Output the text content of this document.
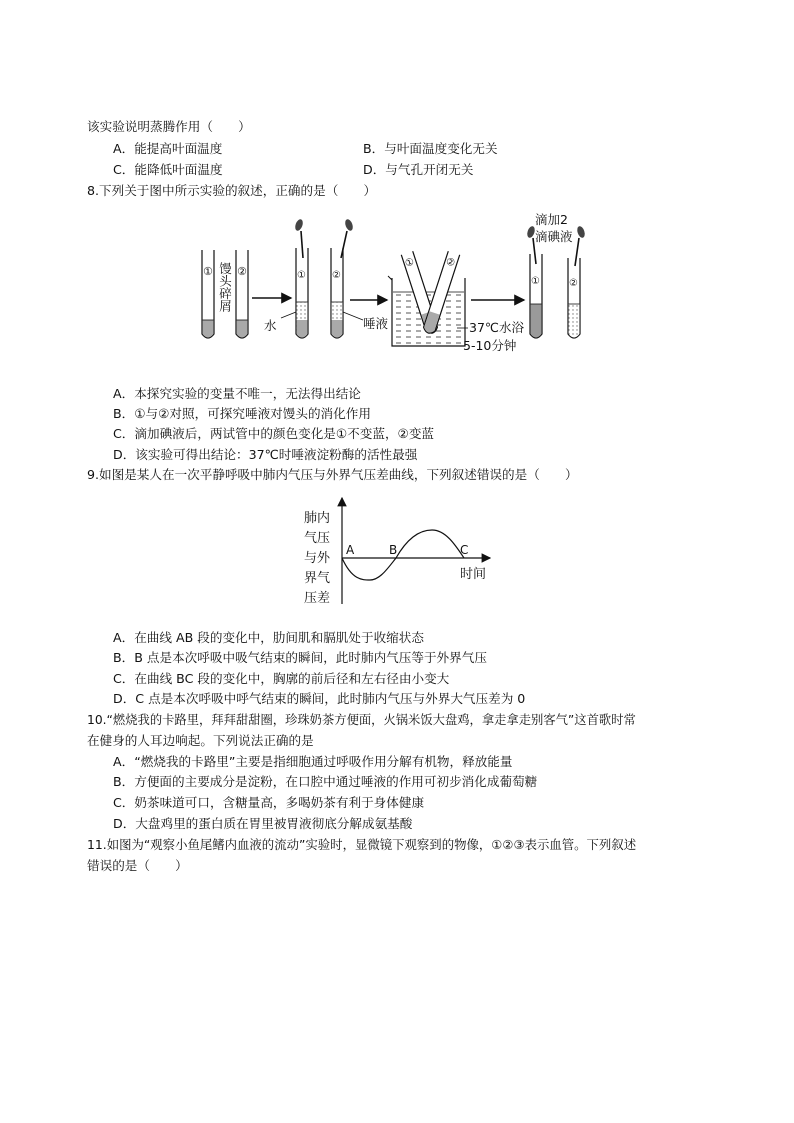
该实验说明蒸腾作用（　　）
A．能提高叶面温度	B．与叶面温度变化无关
C．能降低叶面温度	D．与气孔开闭无关
8.下列关于图中所示实验的叙述，正确的是（　　）
① ②
馒头碎屑	①	②
水	唾液
①	②
37℃水浴
5-10分钟
滴加2
滴碘液
①	②
A．本探究实验的变量不唯一，无法得出结论
B．①与②对照，可探究唾液对馒头的消化作用
C．滴加碘液后，两试管中的颜色变化是①不变蓝，②变蓝
D．该实验可得出结论：37℃时唾液淀粉酶的活性最强
9.如图是某人在一次平静呼吸中肺内气压与外界气压差曲线，下列叙述错误的是（　　）
肺内
气压
与外
界气
压差
时间
A	B	C
A．在曲线 AB 段的变化中，肋间肌和膈肌处于收缩状态
B．B 点是本次呼吸中吸气结束的瞬间，此时肺内气压等于外界气压
C．在曲线 BC 段的变化中，胸廓的前后径和左右径由小变大
D．C 点是本次呼吸中呼气结束的瞬间，此时肺内气压与外界大气压差为 0
10.“燃烧我的卡路里，拜拜甜甜圈，珍珠奶茶方便面，火锅米饭大盘鸡，拿走拿走别客气”这首歌时常
在健身的人耳边响起。下列说法正确的是
A．“燃烧我的卡路里”主要是指细胞通过呼吸作用分解有机物，释放能量
B．方便面的主要成分是淀粉，在口腔中通过唾液的作用可初步消化成葡萄糖
C．奶茶味道可口，含糖量高，多喝奶茶有利于身体健康
D．大盘鸡里的蛋白质在胃里被胃液彻底分解成氨基酸
11.如图为“观察小鱼尾鳍内血液的流动”实验时，显微镜下观察到的物像，①②③表示血管。下列叙述
错误的是（　　）
